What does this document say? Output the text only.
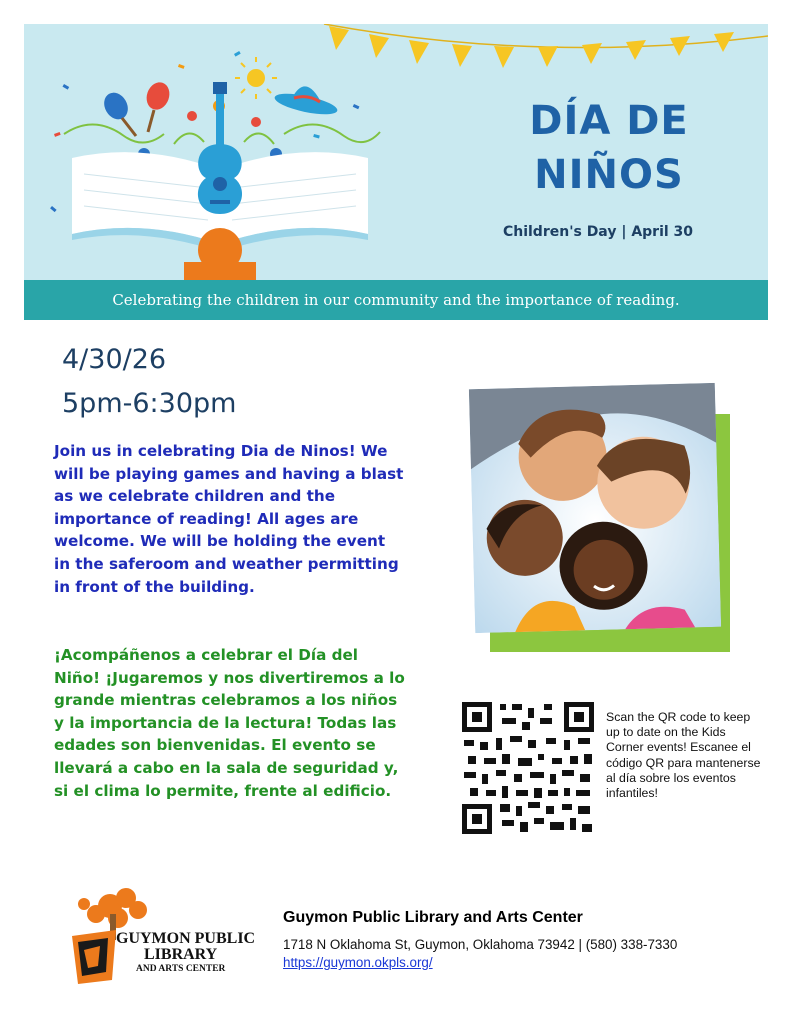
DÍA DE
NIÑOS
Children's Day | April 30
Celebrating the children in our community and the importance of reading.
4/30/26
5pm-6:30pm

Join us in celebrating Dia de Ninos! We will be playing games and having a blast as we celebrate children and the importance of reading! All ages are welcome. We will be holding the event in the saferoom and weather permitting in front of the building.

¡Acompáñenos a celebrar el Día del Niño! ¡Jugaremos y nos divertiremos a lo grande mientras celebramos a los niños y la importancia de la lectura! Todas las edades son bienvenidas. El evento se llevará a cabo en la sala de seguridad y, si el clima lo permite, frente al edificio.

Scan the QR code to keep up to date on the Kids Corner events! Escanee el código QR para mantenerse al día sobre los eventos infantiles!

GUYMON PUBLIC
LIBRARY
AND ARTS CENTER
Guymon Public Library and Arts Center
1718 N Oklahoma St, Guymon, Oklahoma 73942 | (580) 338-7330
https://guymon.okpls.org/
